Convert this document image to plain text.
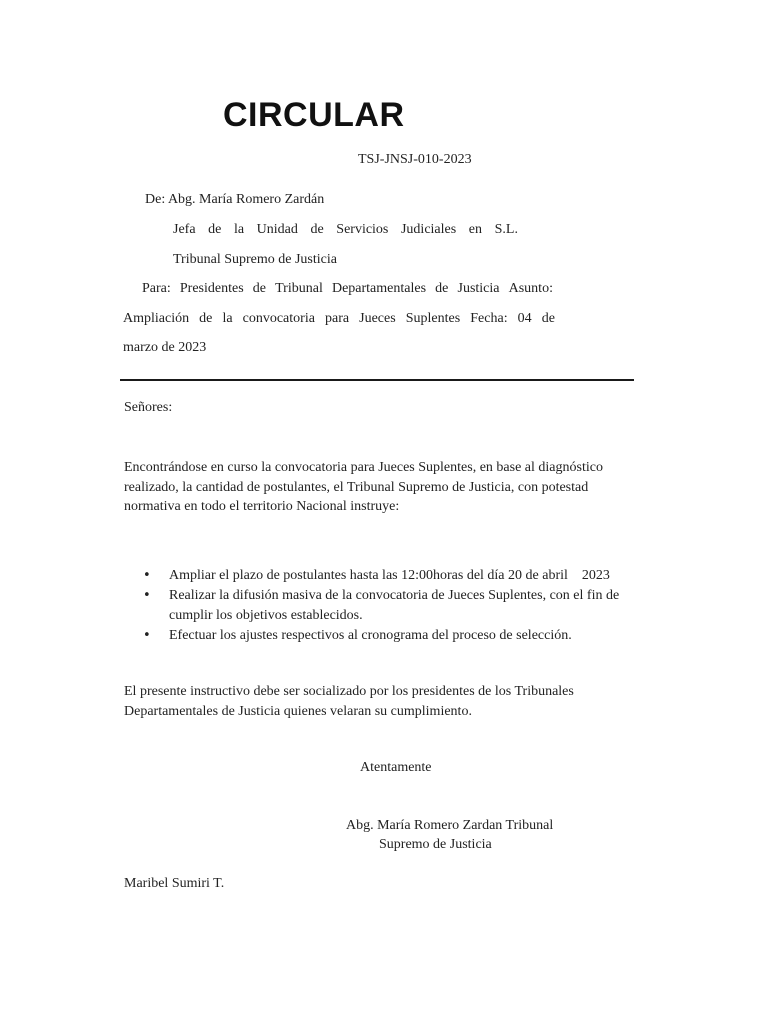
CIRCULAR
TSJ-JNSJ-010-2023
De: Abg. María Romero Zardán
Jefa de la Unidad de Servicios Judiciales en S.L.
Tribunal Supremo de Justicia
Para: Presidentes de Tribunal Departamentales de Justicia Asunto:
Ampliación de la convocatoria para Jueces Suplentes Fecha: 04 de
marzo de 2023
Señores:
Encontrándose en curso la convocatoria para Jueces Suplentes, en base al diagnóstico realizado, la cantidad de postulantes, el Tribunal Supremo de Justicia, con potestad normativa en todo el territorio Nacional instruye:
• Ampliar el plazo de postulantes hasta las 12:00horas del día 20 de abril 2023
• Realizar la difusión masiva de la convocatoria de Jueces Suplentes, con el fin de cumplir los objetivos establecidos.
• Efectuar los ajustes respectivos al cronograma del proceso de selección.
El presente instructivo debe ser socializado por los presidentes de los Tribunales Departamentales de Justicia quienes velaran su cumplimiento.
Atentamente
Abg. María Romero Zardan Tribunal
Supremo de Justicia
Maribel Sumiri T.
